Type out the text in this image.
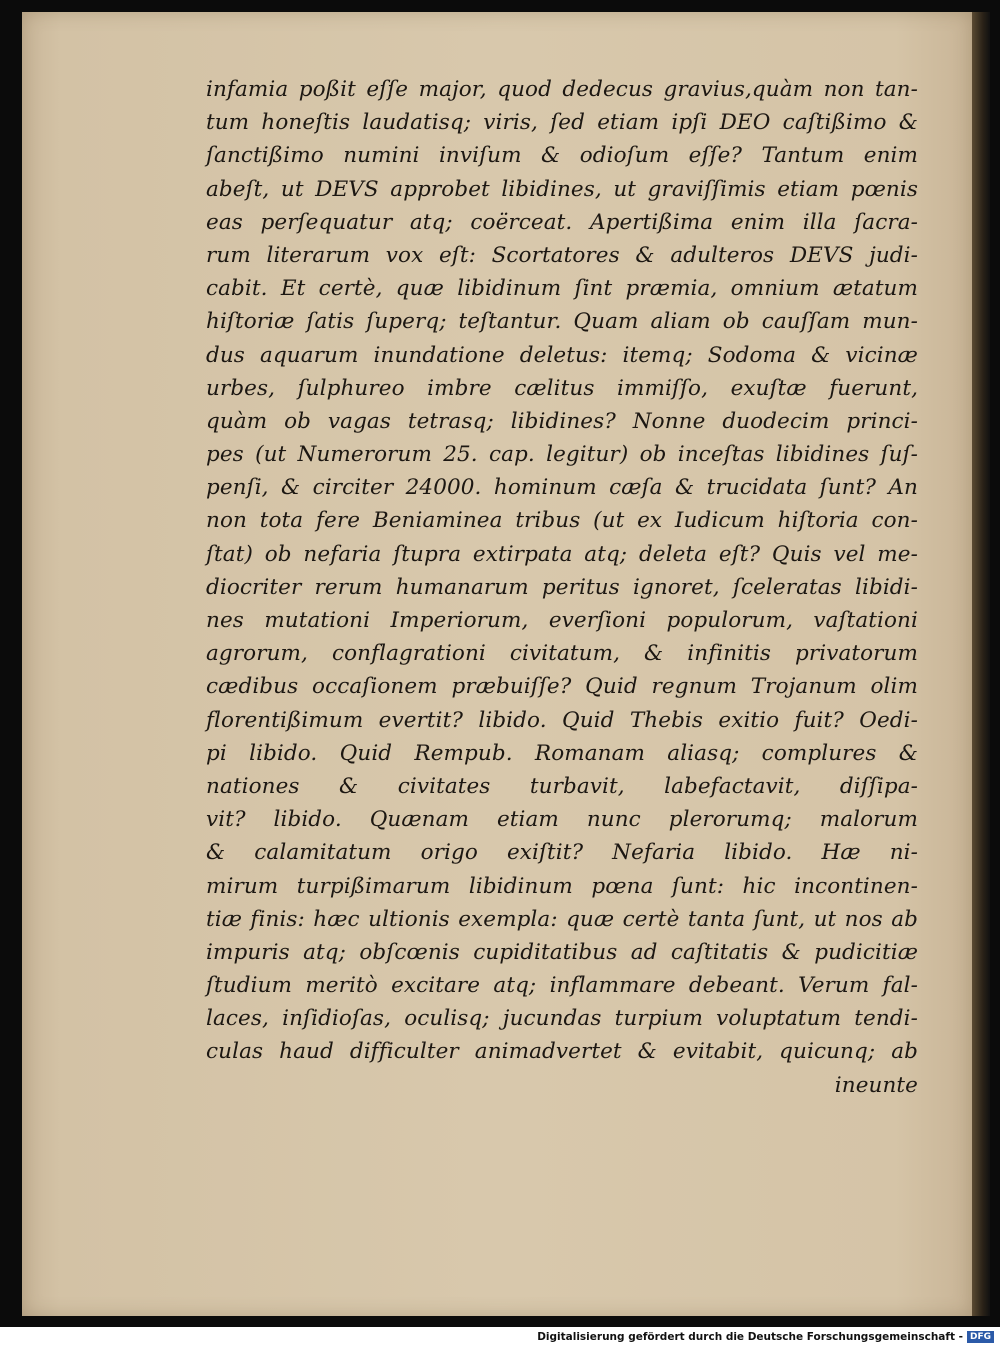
infamia poßit eſſe major, quod dedecus gravius,quàm non tan-
tum honeſtis laudatisq; viris, ſed etiam ipſi DEO caſtißimo &
ſanctißimo numini inviſum & odioſum eſſe? Tantum enim
abeſt, ut DEVS approbet libidines, ut graviſſimis etiam pœnis
eas perſequatur atq; coërceat. Apertißima enim illa ſacra-
rum literarum vox eſt: Scortatores & adulteros DEVS judi-
cabit. Et certè, quæ libidinum ſint præmia, omnium ætatum
hiſtoriæ ſatis ſuperq; teſtantur. Quam aliam ob cauſſam mun-
dus aquarum inundatione deletus: itemq; Sodoma & vicinæ
urbes, ſulphureo imbre cælitus immiſſo, exuſtæ fuerunt,
quàm ob vagas tetrasq; libidines? Nonne duodecim princi-
pes (ut Numerorum 25. cap. legitur) ob inceſtas libidines ſuſ-
penſi, & circiter 24000. hominum cæſa & trucidata ſunt? An
non tota fere Beniaminea tribus (ut ex Iudicum hiſtoria con-
ſtat) ob nefaria ſtupra extirpata atq; deleta eſt? Quis vel me-
diocriter rerum humanarum peritus ignoret, ſceleratas libidi-
nes mutationi Imperiorum, everſioni populorum, vaſtationi
agrorum, conflagrationi civitatum, & infinitis privatorum
cædibus occaſionem præbuiſſe? Quid regnum Trojanum olim
florentißimum evertit? libido. Quid Thebis exitio fuit? Oedi-
pi libido. Quid Rempub. Romanam aliasq; complures &
nationes & civitates turbavit, labefactavit, diſſipa-
vit? libido. Quænam etiam nunc plerorumq; malorum
& calamitatum origo exiſtit? Nefaria libido. Hæ ni-
mirum turpißimarum libidinum pœna ſunt: hic incontinen-
tiæ finis: hæc ultionis exempla: quæ certè tanta ſunt, ut nos ab
impuris atq; obſcœnis cupiditatibus ad caſtitatis & pudicitiæ
ſtudium meritò excitare atq; inflammare debeant. Verum fal-
laces, inſidioſas, oculisq; jucundas turpium voluptatum tendi-
culas haud difficulter animadvertet & evitabit, quicunq; ab
ineunte
Digitalisierung gefördert durch die Deutsche Forschungsgemeinschaft - DFG
